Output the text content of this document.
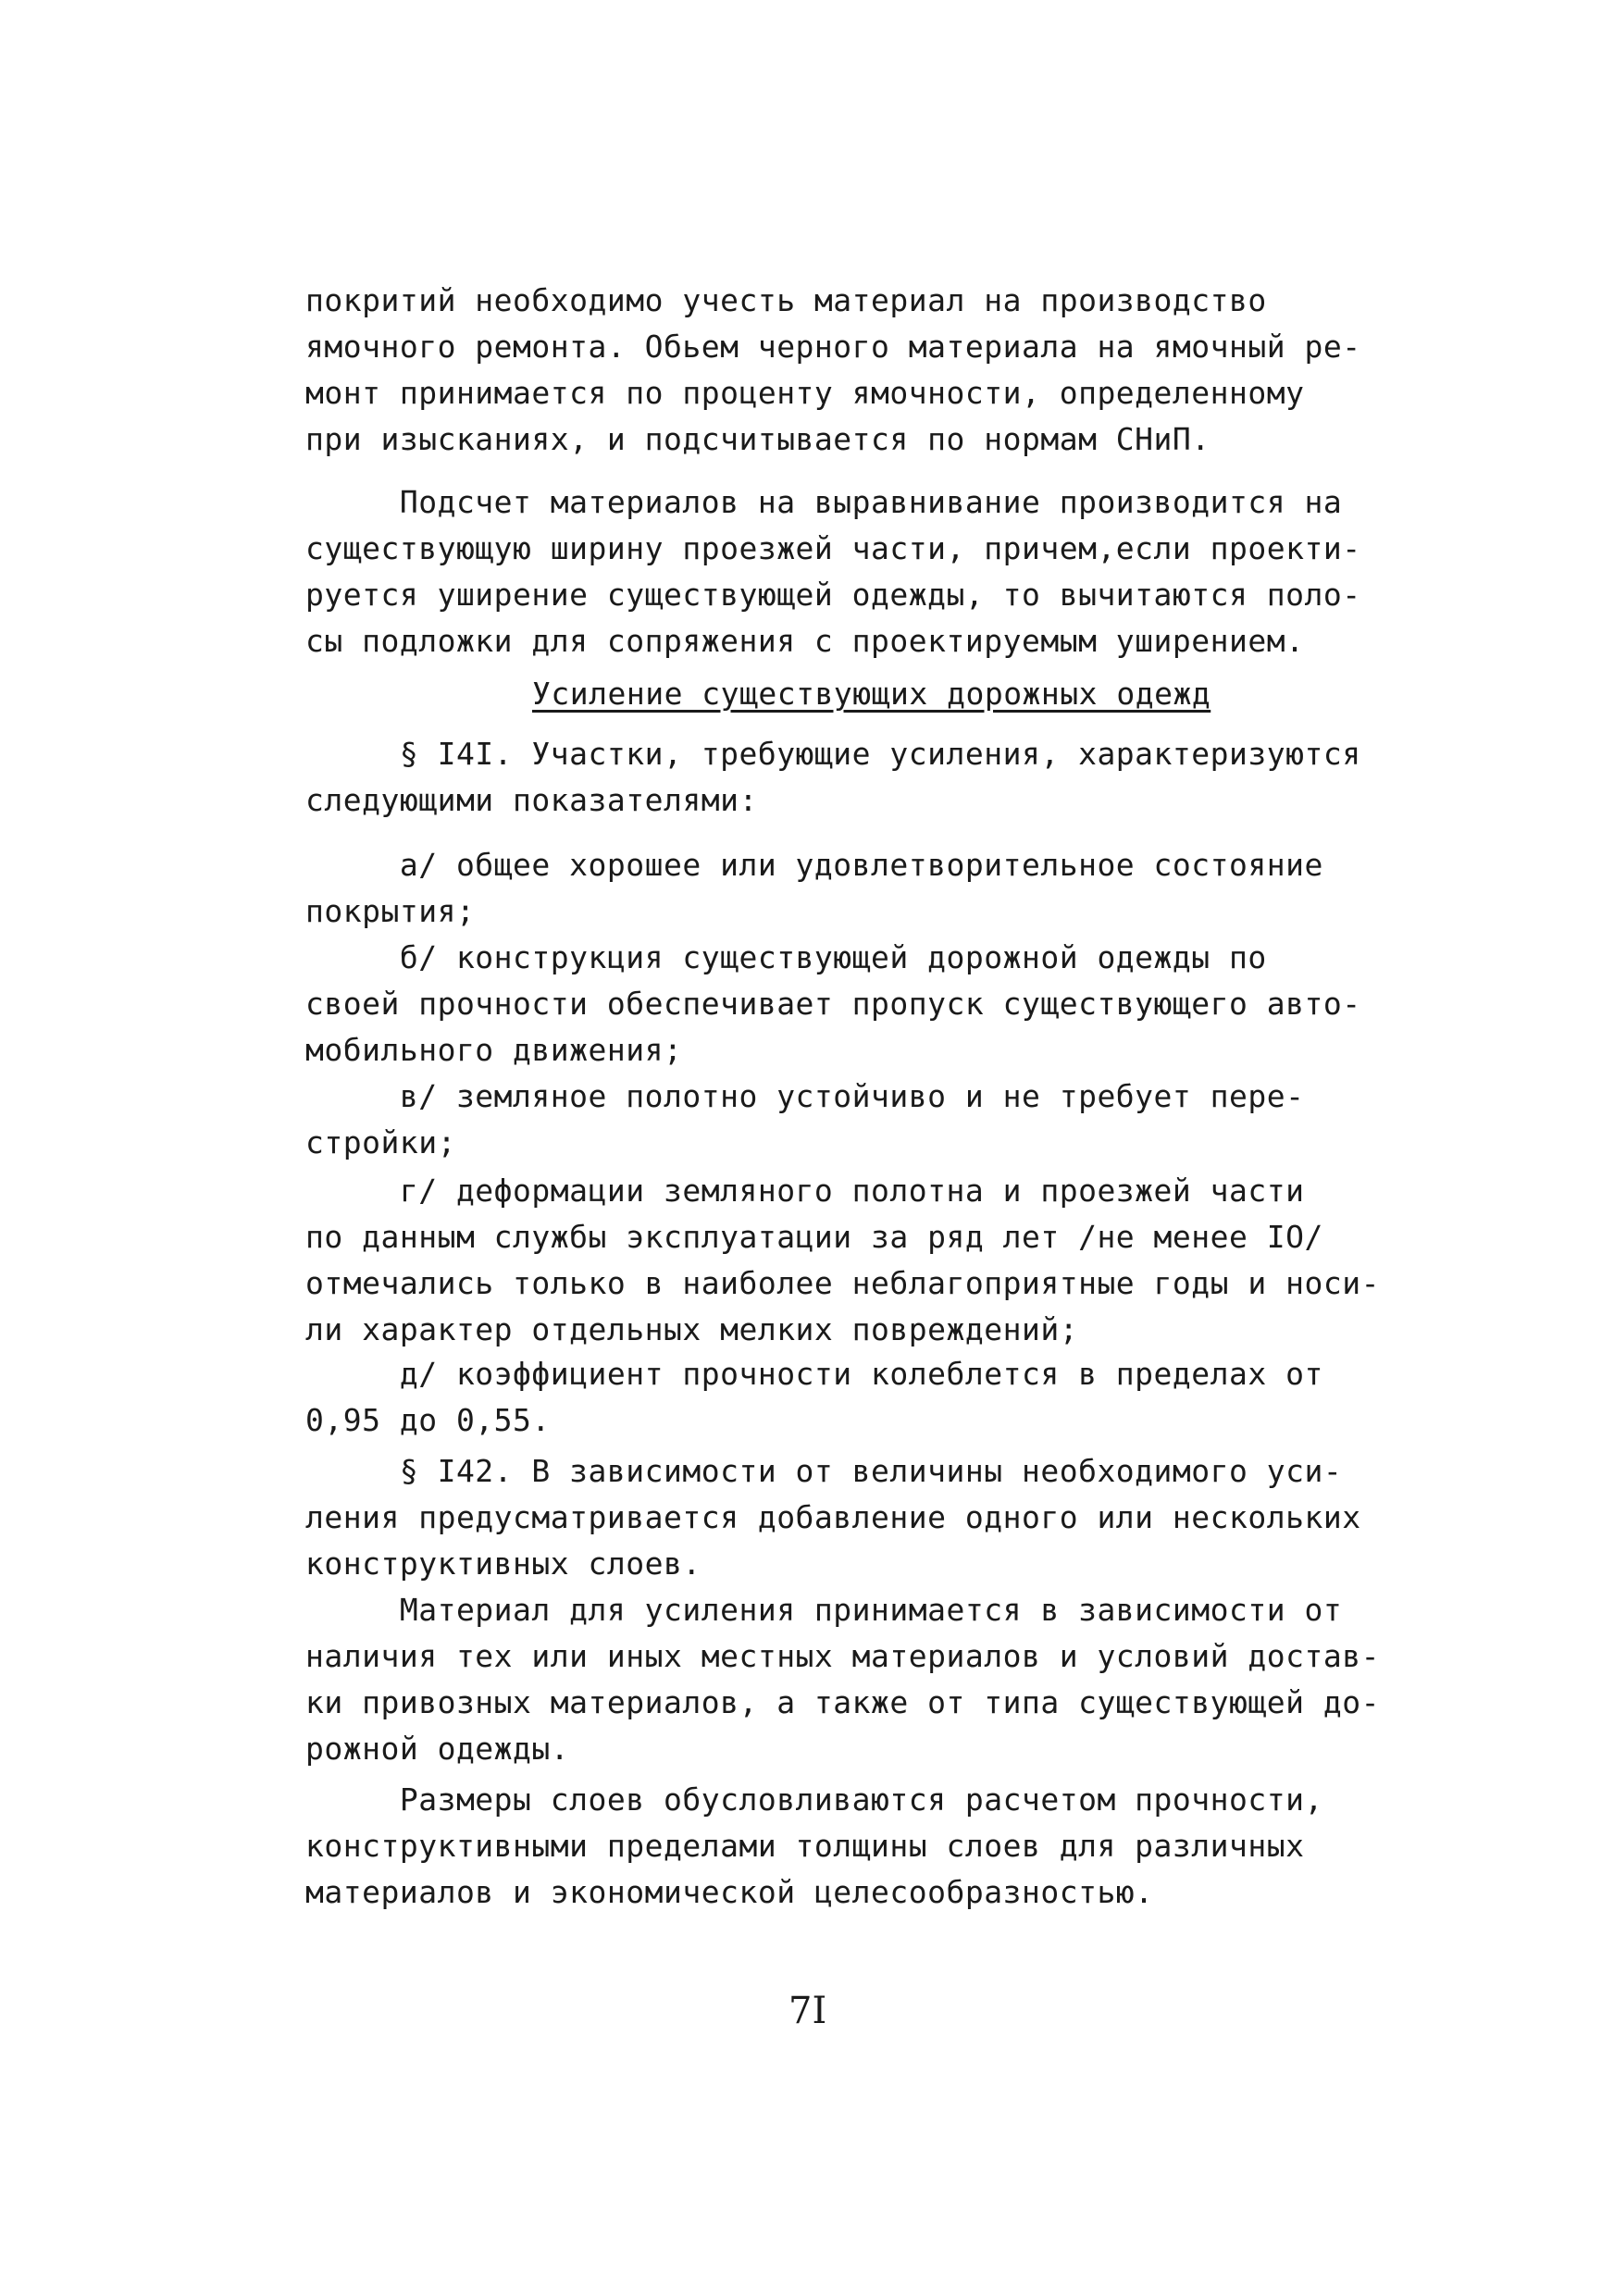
покритий необходимо учесть материал на производство
ямочного ремонта. Обьем черного материала на ямочный ре-
монт принимается по проценту ямочности, определенному
при изысканиях, и подсчитывается по нормам СНиП.

Подсчет материалов на выравнивание производится на
существующую ширину проезжей части, причем,если проекти-
руется уширение существующей одежды, то вычитаются поло-
сы подложки для сопряжения с проектируемым уширением.

Усиление существующих дорожных одежд

§ I4I. Участки, требующие усиления, характеризуются
следующими показателями:

а/ общее хорошее или удовлетворительное состояние
покрытия;

б/ конструкция существующей дорожной одежды по
своей прочности обеспечивает пропуск существующего авто-
мобильного движения;

в/ земляное полотно устойчиво и не требует пере-
стройки;

г/ деформации земляного полотна и проезжей части
по данным службы эксплуатации за ряд лет /не менее IO/
отмечались только в наиболее неблагоприятные годы и носи-
ли характер отдельных мелких повреждений;

д/ коэффициент прочности колеблется в пределах от
0,95 до 0,55.

§ I42. В зависимости от величины необходимого уси-
ления предусматривается добавление одного или нескольких
конструктивных слоев.

Материал для усиления принимается в зависимости от
наличия тех или иных местных материалов и условий достав-
ки привозных материалов, а также от типа существующей до-
рожной одежды.

Размеры слоев обусловливаются расчетом прочности,
конструктивными пределами толщины слоев для различных
материалов и экономической целесообразностью.

7I
